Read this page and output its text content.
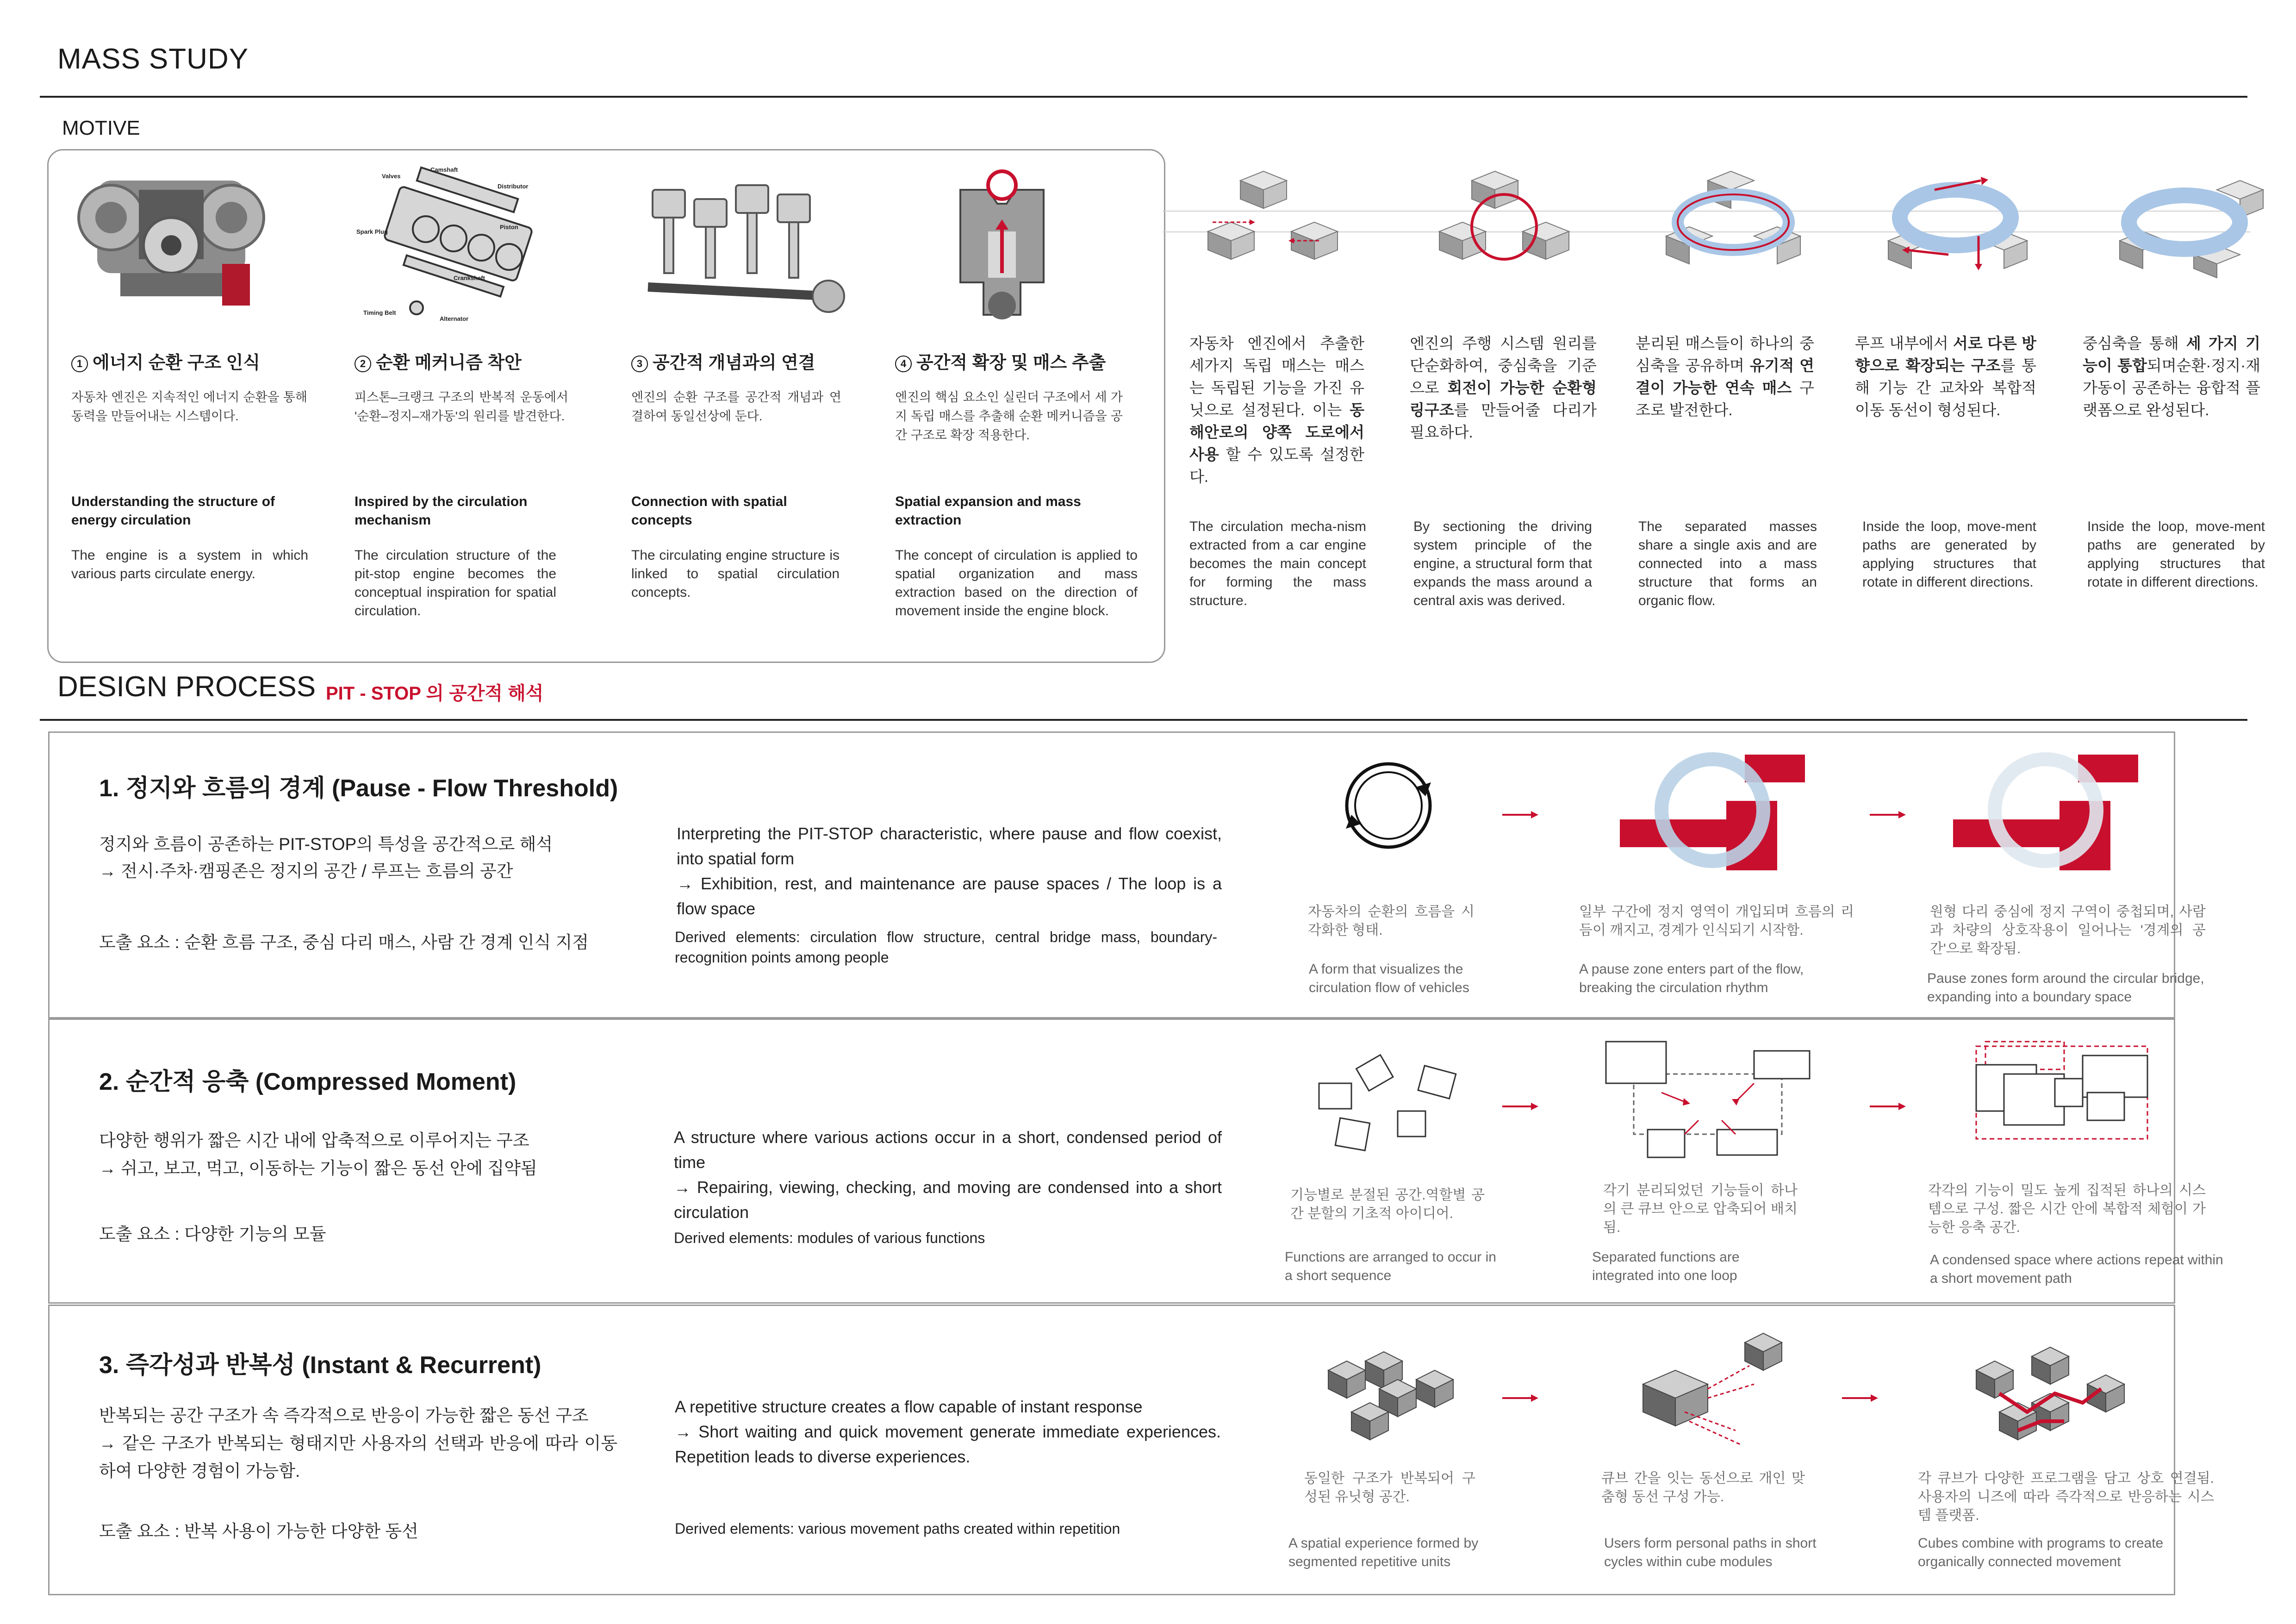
MASS STUDY
MOTIVE
Valves
Camshaft
Distributor
Spark Plug
Piston
Crankshaft
Timing Belt
Alternator
1 에너지 순환 구조 인식
자동차 엔진은 지속적인 에너지 순환을 통해 동력을 만들어내는 시스템이다.
Understanding the structure of energy circulation
The engine is a system in which various parts circulate energy.
2 순환 메커니즘 착안
피스톤–크랭크 구조의 반복적 운동에서 '순환–정지–재가동'의 원리를 발견한다.
Inspired by the circulation mechanism
The circulation structure of the pit-stop engine becomes the conceptual inspiration for spatial circulation.
3 공간적 개념과의 연결
엔진의 순환 구조를 공간적 개념과 연결하여 동일선상에 둔다.
Connection with spatial concepts
The circulating engine structure is linked to spatial circulation concepts.
4 공간적 확장 및 매스 추출
엔진의 핵심 요소인 실린더 구조에서 세 가지 독립 매스를 추출해 순환 메커니즘을 공간 구조로 확장 적용한다.
Spatial expansion and mass extraction
The concept of circulation is applied to spatial organization and mass extraction based on the direction of movement inside the engine block.
자동차 엔진에서 추출한 세가지 독립 매스는 매스는 독립된 기능을 가진 유닛으로 설정된다. 이는 동해안로의 양쪽 도로에서 사용 할 수 있도록 설정한다.
The circulation mecha-nism extracted from a car engine becomes the main concept for forming the mass structure.
엔진의 주행 시스템 원리를 단순화하여, 중심축을 기준으로 회전이 가능한 순환형 링구조를 만들어줄 다리가 필요하다.
By sectioning the driving system principle of the engine, a structural form that expands the mass around a central axis was derived.
분리된 매스들이 하나의 중심축을 공유하며 유기적 연결이 가능한 연속 매스 구조로 발전한다.
The separated masses share a single axis and are connected into a mass structure that forms an organic flow.
루프 내부에서 서로 다른 방향으로 확장되는 구조를 통해 기능 간 교차와 복합적 이동 동선이 형성된다.
Inside the loop, move-ment paths are generated by applying structures that rotate in different directions.
중심축을 통해 세 가지 기능이 통합되며순환·정지·재가동이 공존하는 융합적 플랫폼으로 완성된다.
Inside the loop, move-ment paths are generated by applying structures that rotate in different directions.
DESIGN PROCESS PIT - STOP 의 공간적 해석
1. 정지와 흐름의 경계 (Pause - Flow Threshold)
정지와 흐름이 공존하는 PIT-STOP의 특성을 공간적으로 해석
→ 전시·주차·캠핑존은 정지의 공간 / 루프는 흐름의 공간
도출 요소 : 순환 흐름 구조, 중심 다리 매스, 사람 간 경계 인식 지점
Interpreting the PIT-STOP characteristic, where pause and flow coexist, into spatial form
→ Exhibition, rest, and maintenance are pause spaces / The loop is a flow space
Derived elements: circulation flow structure, central bridge mass, boundary-recognition points among people
자동차의 순환의 흐름을 시각화한 형태.
A form that visualizes the circulation flow of vehicles
일부 구간에 정지 영역이 개입되며 흐름의 리듬이 깨지고, 경계가 인식되기 시작함.
A pause zone enters part of the flow, breaking the circulation rhythm
원형 다리 중심에 정지 구역이 중첩되며, 사람과 차량의 상호작용이 일어나는 '경계의 공간'으로 확장됨.
Pause zones form around the circular bridge, expanding into a boundary space
2. 순간적 응축 (Compressed Moment)
다양한 행위가 짧은 시간 내에 압축적으로 이루어지는 구조
→ 쉬고, 보고, 먹고, 이동하는 기능이 짧은 동선 안에 집약됨
도출 요소 : 다양한 기능의 모듈
A structure where various actions occur in a short, condensed period of time
→ Repairing, viewing, checking, and moving are condensed into a short circulation
Derived elements: modules of various functions
기능별로 분절된 공간.역할별 공간 분할의 기초적 아이디어.
Functions are arranged to occur in a short sequence
각기 분리되었던 기능들이 하나의 큰 큐브 안으로 압축되어 배치됨.
Separated functions are integrated into one loop
각각의 기능이 밀도 높게 집적된 하나의 시스템으로 구성. 짧은 시간 안에 복합적 체험이 가능한 응축 공간.
A condensed space where actions repeat within a short movement path
3. 즉각성과 반복성 (Instant & Recurrent)
반복되는 공간 구조가 속 즉각적으로 반응이 가능한 짧은 동선 구조
→ 같은 구조가 반복되는 형태지만 사용자의 선택과 반응에 따라 이동하여 다양한 경험이 가능함.
도출 요소 : 반복 사용이 가능한 다양한 동선
A repetitive structure creates a flow capable of instant response
→ Short waiting and quick movement generate immediate experiences. Repetition leads to diverse experiences.
Derived elements: various movement paths created within repetition
동일한 구조가 반복되어 구성된 유닛형 공간.
A spatial experience formed by segmented repetitive units
큐브 간을 잇는 동선으로 개인 맞춤형 동선 구성 가능.
Users form personal paths in short cycles within cube modules
각 큐브가 다양한 프로그램을 담고 상호 연결됨. 사용자의 니즈에 따라 즉각적으로 반응하는 시스템 플랫폼.
Cubes combine with programs to create organically connected movement
